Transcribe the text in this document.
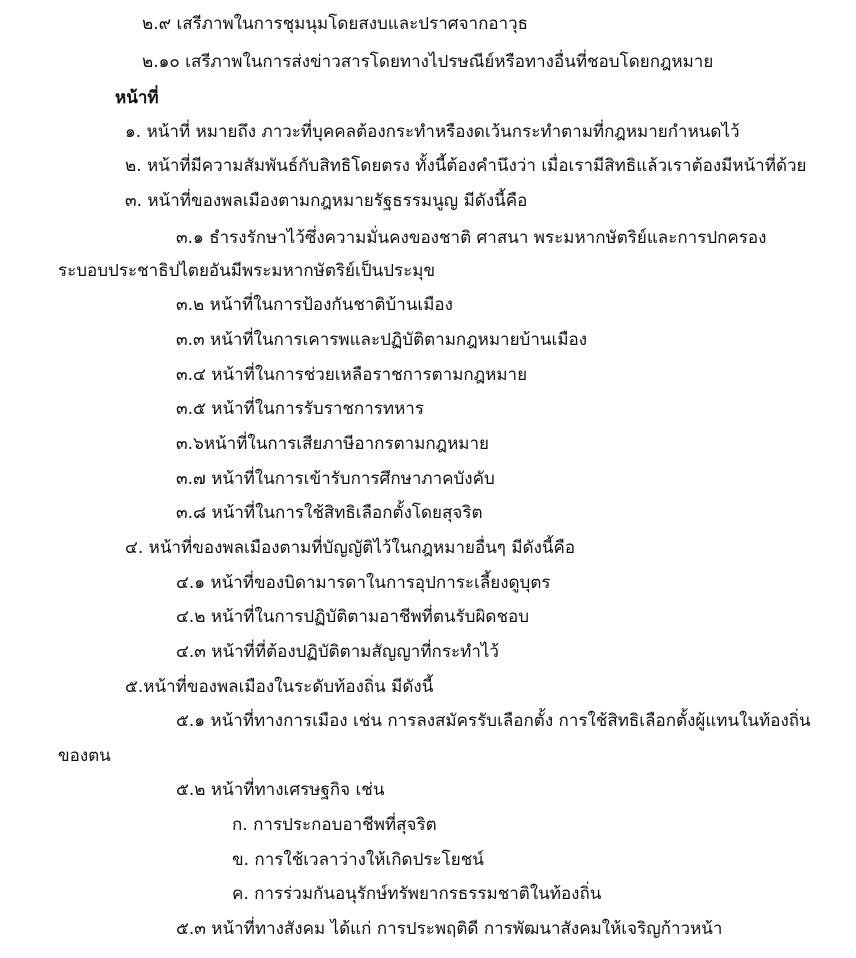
๒.๙ เสรีภาพในการชุมนุมโดยสงบและปราศจากอาวุธ

๒.๑๐ เสรีภาพในการส่งข่าวสารโดยทางไปรษณีย์หรือทางอื่นที่ชอบโดยกฎหมาย

หน้าที่

๑. หน้าที่ หมายถึง ภาวะที่บุคคลต้องกระทำหรืองดเว้นกระทำตามที่กฎหมายกำหนดไว้

๒. หน้าที่มีความสัมพันธ์กับสิทธิโดยตรง ทั้งนี้ต้องคำนึงว่า เมื่อเรามีสิทธิแล้วเราต้องมีหน้าที่ด้วย

๓. หน้าที่ของพลเมืองตามกฎหมายรัฐธรรมนูญ มีดังนี้คือ

๓.๑ ธำรงรักษาไว้ซึ่งความมั่นคงของชาติ ศาสนา พระมหากษัตริย์และการปกครอง

ระบอบประชาธิปไตยอันมีพระมหากษัตริย์เป็นประมุข

๓.๒ หน้าที่ในการป้องกันชาติบ้านเมือง

๓.๓ หน้าที่ในการเคารพและปฏิบัติตามกฎหมายบ้านเมือง

๓.๔ หน้าที่ในการช่วยเหลือราชการตามกฎหมาย

๓.๕ หน้าที่ในการรับราชการทหาร

๓.๖หน้าที่ในการเสียภาษีอากรตามกฎหมาย

๓.๗ หน้าที่ในการเข้ารับการศึกษาภาคบังคับ

๓.๘ หน้าที่ในการใช้สิทธิเลือกตั้งโดยสุจริต

๔. หน้าที่ของพลเมืองตามที่บัญญัติไว้ในกฎหมายอื่นๆ มีดังนี้คือ

๔.๑ หน้าที่ของบิดามารดาในการอุปการะเลี้ยงดูบุตร

๔.๒ หน้าที่ในการปฏิบัติตามอาชีพที่ตนรับผิดชอบ

๔.๓ หน้าที่ที่ต้องปฏิบัติตามสัญญาที่กระทำไว้

๕.หน้าที่ของพลเมืองในระดับท้องถิ่น มีดังนี้

๕.๑ หน้าที่ทางการเมือง เช่น การลงสมัครรับเลือกตั้ง การใช้สิทธิเลือกตั้งผู้แทนในท้องถิ่น

ของตน

๕.๒ หน้าที่ทางเศรษฐกิจ เช่น

ก. การประกอบอาชีพที่สุจริต

ข. การใช้เวลาว่างให้เกิดประโยชน์

ค. การร่วมกันอนุรักษ์ทรัพยากรธรรมชาติในท้องถิ่น

๕.๓ หน้าที่ทางสังคม ได้แก่ การประพฤติดี การพัฒนาสังคมให้เจริญก้าวหน้า
